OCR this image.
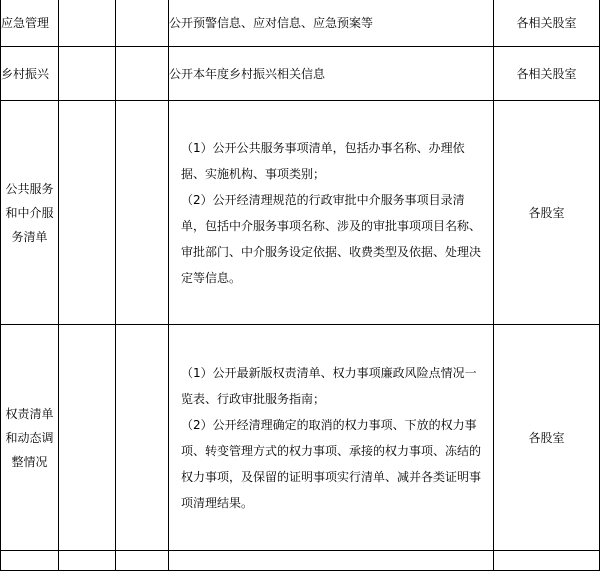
应急管理			公开预警信息、应对信息、应急预案等	各相关股室

乡村振兴			公开本年度乡村振兴相关信息	各相关股室

公共服务
和中介服
务清单			（1）公开公共服务事项清单，包括办事名称、办理依据、实施机构、事项类别；
（2）公开经清理规范的行政审批中介服务事项目录清单，包括中介服务事项名称、涉及的审批事项项目名称、审批部门、中介服务设定依据、收费类型及依据、处理决定等信息。	各股室

权责清单
和动态调
整情况			（1）公开最新版权责清单、权力事项廉政风险点情况一览表、行政审批服务指南；
（2）公开经清理确定的取消的权力事项、下放的权力事项、转变管理方式的权力事项、承接的权力事项、冻结的权力事项，及保留的证明事项实行清单、减并各类证明事项清理结果。	各股室
